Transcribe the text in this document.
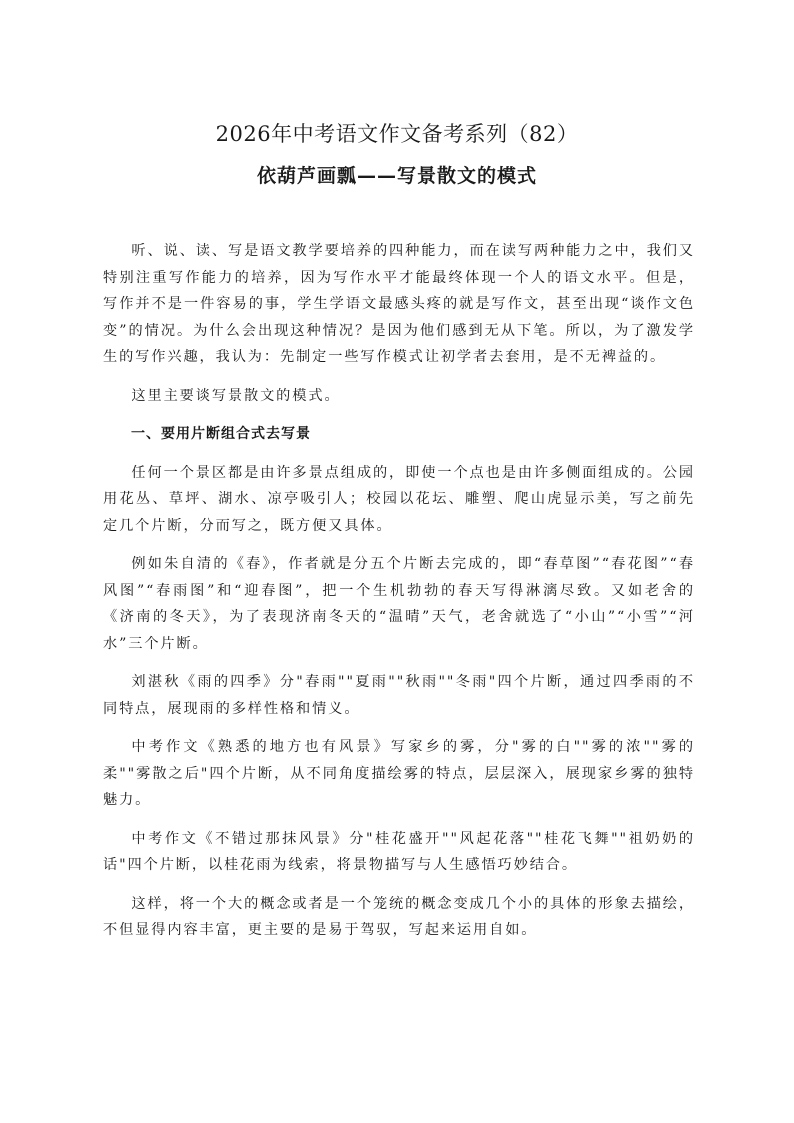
2026年中考语文作文备考系列（82）
依葫芦画瓢——写景散文的模式

听、说、读、写是语文教学要培养的四种能力，而在读写两种能力之中，我们又特别注重写作能力的培养，因为写作水平才能最终体现一个人的语文水平。但是，写作并不是一件容易的事，学生学语文最感头疼的就是写作文，甚至出现“谈作文色变”的情况。为什么会出现这种情况？是因为他们感到无从下笔。所以，为了激发学生的写作兴趣，我认为：先制定一些写作模式让初学者去套用，是不无裨益的。

这里主要谈写景散文的模式。

一、要用片断组合式去写景

任何一个景区都是由许多景点组成的，即使一个点也是由许多侧面组成的。公园用花丛、草坪、湖水、凉亭吸引人；校园以花坛、雕塑、爬山虎显示美，写之前先定几个片断，分而写之，既方便又具体。

例如朱自清的《春》，作者就是分五个片断去完成的，即“春草图”“春花图”“春风图”“春雨图”和“迎春图”，把一个生机勃勃的春天写得淋漓尽致。又如老舍的《济南的冬天》，为了表现济南冬天的“温晴”天气，老舍就选了“小山”“小雪”“河水”三个片断。

刘湛秋《雨的四季》分"春雨""夏雨""秋雨""冬雨"四个片断，通过四季雨的不同特点，展现雨的多样性格和情义。

中考作文《熟悉的地方也有风景》写家乡的雾，分"雾的白""雾的浓""雾的柔""雾散之后"四个片断，从不同角度描绘雾的特点，层层深入，展现家乡雾的独特魅力。

中考作文《不错过那抹风景》分"桂花盛开""风起花落""桂花飞舞""祖奶奶的话"四个片断，以桂花雨为线索，将景物描写与人生感悟巧妙结合。

这样，将一个大的概念或者是一个笼统的概念变成几个小的具体的形象去描绘，不但显得内容丰富，更主要的是易于驾驭，写起来运用自如。
